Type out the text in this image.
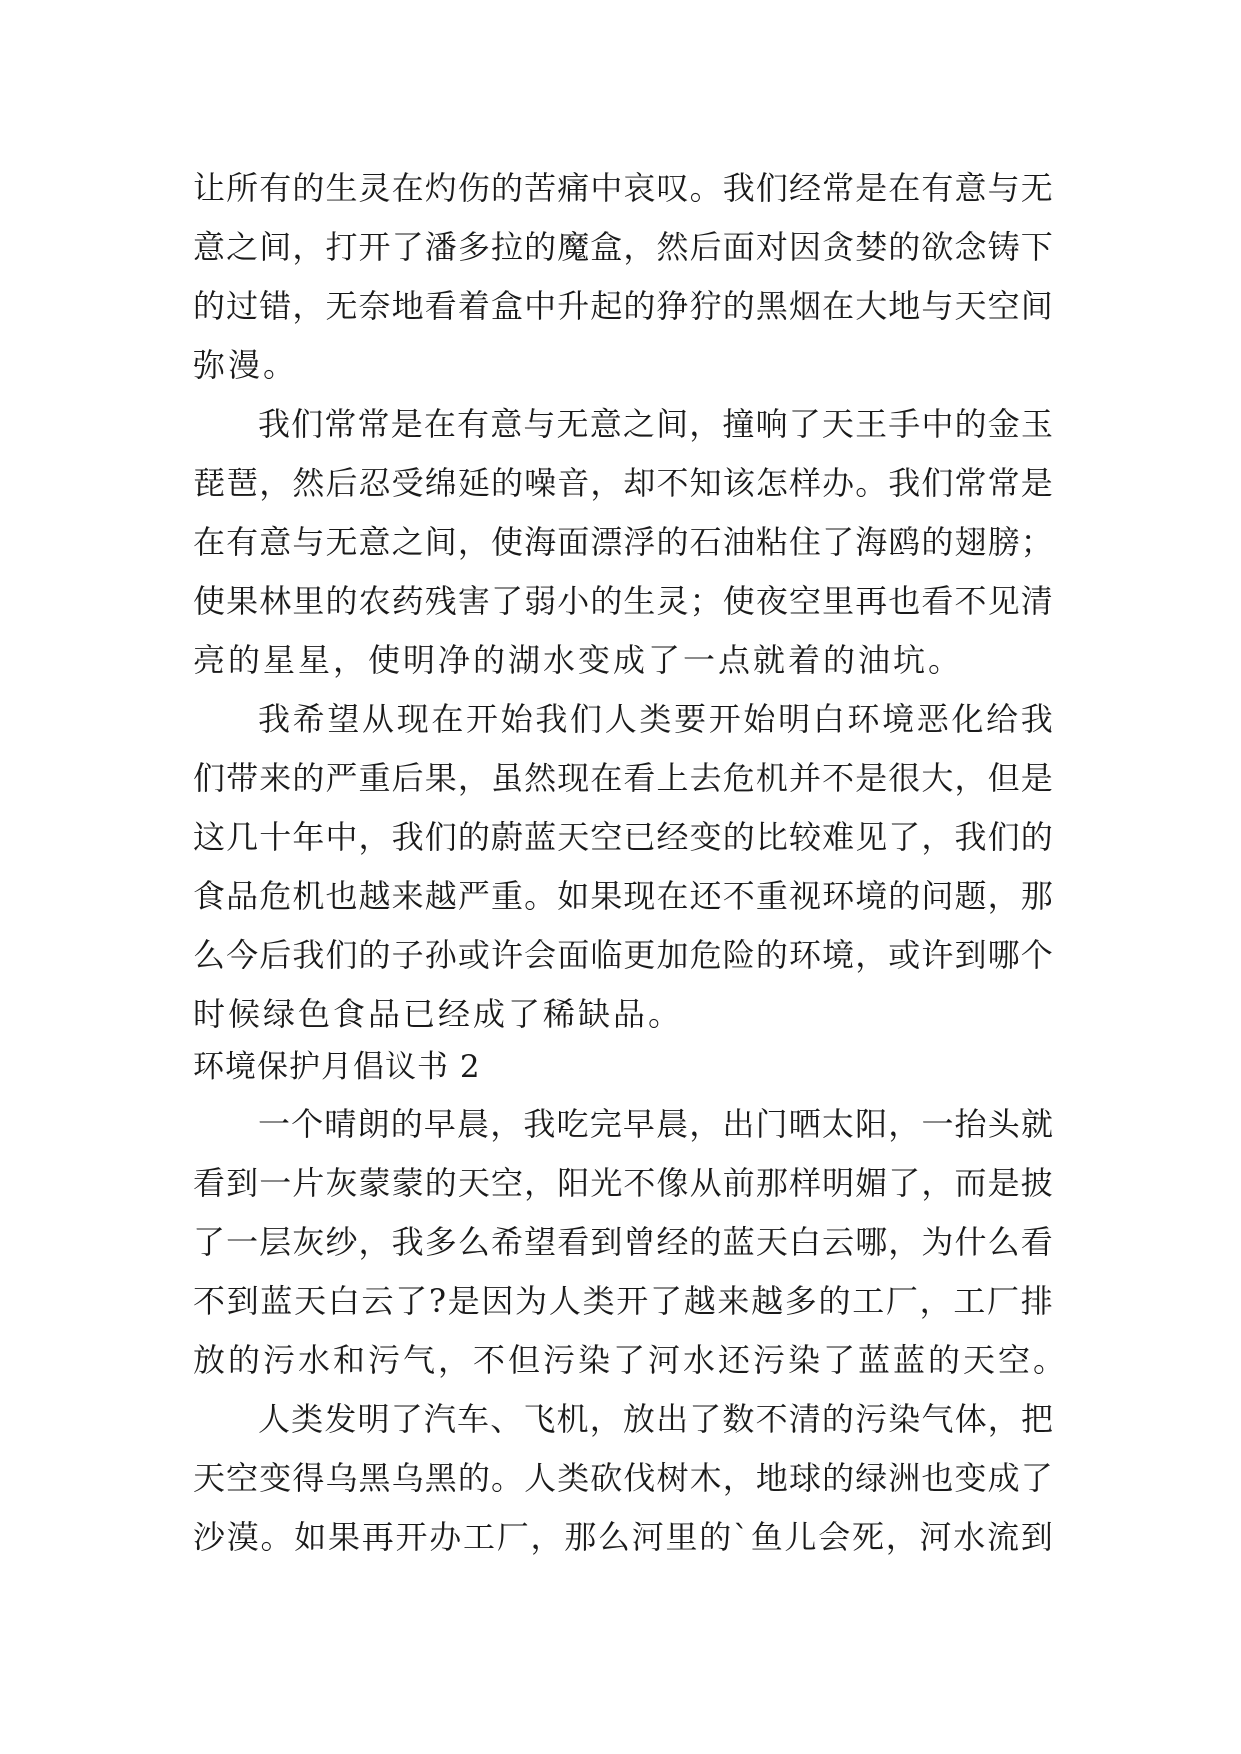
让 所 有 的 生 灵 在 灼 伤 的 苦 痛 中 哀 叹 。 我 们 经 常 是 在 有 意 与 无
意 之 间 ， 打 开 了 潘 多 拉 的 魔 盒 ， 然 后 面 对 因 贪 婪 的 欲 念 铸 下
的 过 错 ， 无 奈 地 看 着 盒 中 升 起 的 狰 狞 的 黑 烟 在 大 地 与 天 空 间
弥漫。
我 们 常 常 是 在 有 意 与 无 意 之 间 ， 撞 响 了 天 王 手 中 的 金 玉
琵 琶 ， 然 后 忍 受 绵 延 的 噪 音 ， 却 不 知 该 怎 样 办 。 我 们 常 常 是
在 有 意 与 无 意 之 间 ， 使 海 面 漂 浮 的 石 油 粘 住 了 海 鸥 的 翅 膀 ；
使 果 林 里 的 农 药 残 害 了 弱 小 的 生 灵 ； 使 夜 空 里 再 也 看 不 见 清
亮的星星，使明净的湖水变成了一点就着的油坑。
我 希 望 从 现 在 开 始 我 们 人 类 要 开 始 明 白 环 境 恶 化 给 我
们 带 来 的 严 重 后 果 ， 虽 然 现 在 看 上 去 危 机 并 不 是 很 大 ， 但 是
这 几 十 年 中 ， 我 们 的 蔚 蓝 天 空 已 经 变 的 比 较 难 见 了 ， 我 们 的
食 品 危 机 也 越 来 越 严 重 。 如 果 现 在 还 不 重 视 环 境 的 问 题 ， 那
么 今 后 我 们 的 子 孙 或 许 会 面 临 更 加 危 险 的 环 境 ， 或 许 到 哪 个
时候绿色食品已经成了稀缺品。
环境保护月倡议书 2
一 个 晴 朗 的 早 晨 ， 我 吃 完 早 晨 ， 出 门 晒 太 阳 ， 一 抬 头 就
看 到 一 片 灰 蒙 蒙 的 天 空 ， 阳 光 不 像 从 前 那 样 明 媚 了 ， 而 是 披
了 一 层 灰 纱 ， 我 多 么 希 望 看 到 曾 经 的 蓝 天 白 云 哪 ， 为 什 么 看
不 到 蓝 天 白 云 了 ? 是 因 为 人 类 开 了 越 来 越 多 的 工 厂 ， 工 厂 排
放的污水和污气，不但污染了河水还污染了蓝蓝的天空。
人 类 发 明 了 汽 车 、 飞 机 ， 放 出 了 数 不 清 的 污 染 气 体 ， 把
天 空 变 得 乌 黑 乌 黑 的 。 人 类 砍 伐 树 木 ， 地 球 的 绿 洲 也 变 成 了
沙 漠 。 如 果 再 开 办 工 厂 ， 那 么 河 里 的 ` 鱼 儿 会 死 ， 河 水 流 到
